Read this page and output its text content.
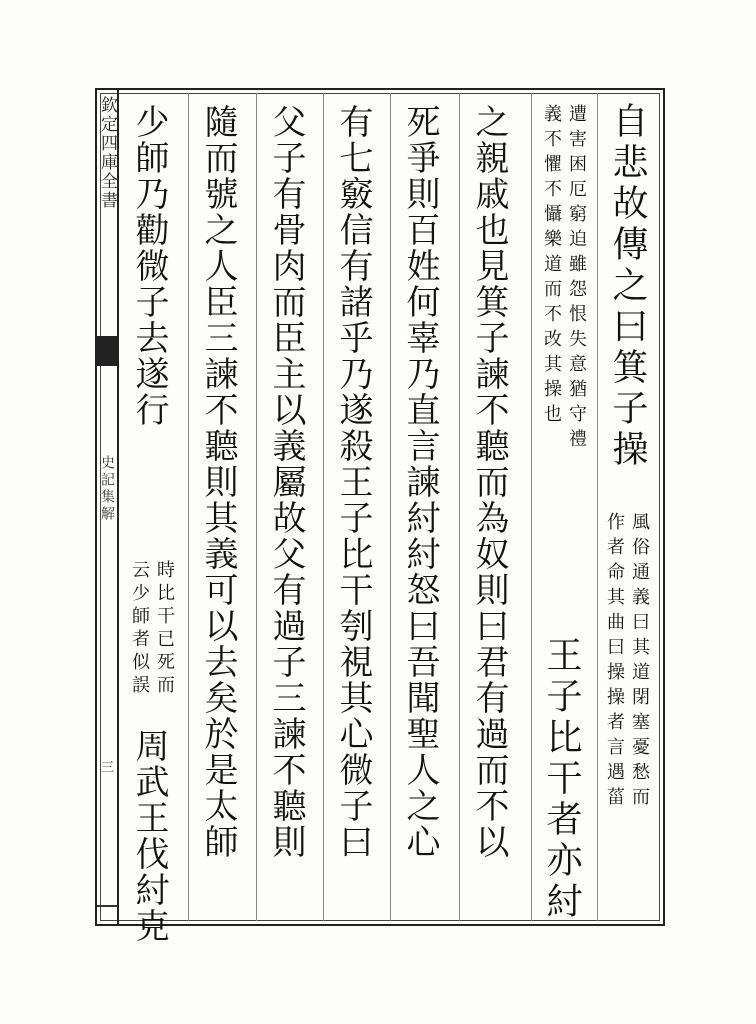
欽定四庫全書
史記集解
三
自悲故傳之曰箕子操
風俗通義曰其道閉塞憂愁而
作者命其曲曰操操者言遇菑
遭害困厄窮迫雖怨恨失意猶守禮
義不懼不懾樂道而不改其操也
王子比干者亦紂
之親戚也見箕子諫不聽而為奴則曰君有過而不以
死爭則百姓何辜乃直言諫紂紂怒曰吾聞聖人之心
有七竅信有諸乎乃遂殺王子比干刳視其心微子曰
父子有骨肉而臣主以義屬故父有過子三諫不聽則
隨而號之人臣三諫不聽則其義可以去矣於是太師
少師乃勸微子去遂行
時比干已死而
云少師者似誤
周武王伐紂克
